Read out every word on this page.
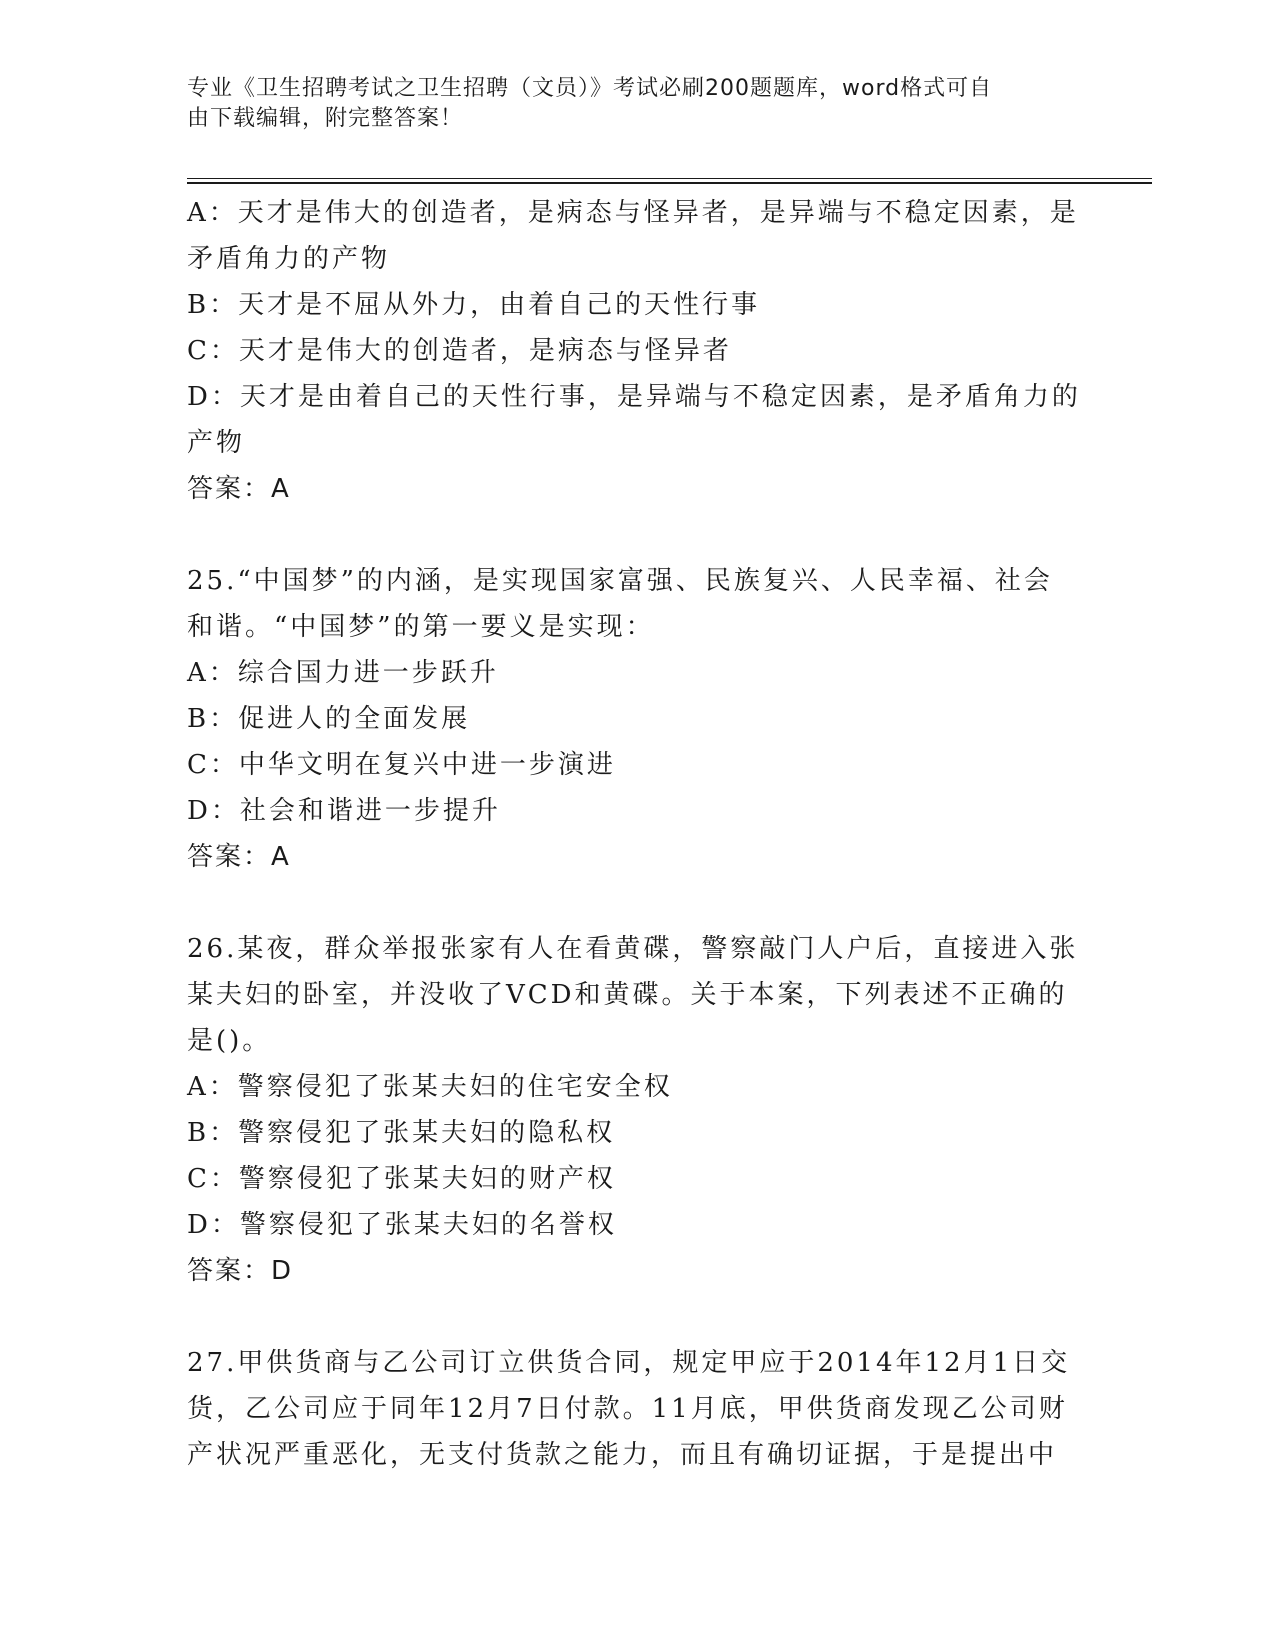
专业《卫生招聘考试之卫生招聘（文员）》考试必刷200题题库，word格式可自
由下载编辑，附完整答案！
A：天才是伟大的创造者，是病态与怪异者，是异端与不稳定因素，是
矛盾角力的产物
B：天才是不屈从外力，由着自己的天性行事
C：天才是伟大的创造者，是病态与怪异者
D：天才是由着自己的天性行事，是异端与不稳定因素，是矛盾角力的
产物
答案：A
25.“中国梦”的内涵，是实现国家富强、民族复兴、人民幸福、社会
和谐。“中国梦”的第一要义是实现：
A：综合国力进一步跃升
B：促进人的全面发展
C：中华文明在复兴中进一步演进
D：社会和谐进一步提升
答案：A
26.某夜，群众举报张家有人在看黄碟，警察敲门人户后，直接进入张
某夫妇的卧室，并没收了VCD和黄碟。关于本案，下列表述不正确的
是()。
A：警察侵犯了张某夫妇的住宅安全权
B：警察侵犯了张某夫妇的隐私权
C：警察侵犯了张某夫妇的财产权
D：警察侵犯了张某夫妇的名誉权
答案：D
27.甲供货商与乙公司订立供货合同，规定甲应于2014年12月1日交
货，乙公司应于同年12月7日付款。11月底，甲供货商发现乙公司财
产状况严重恶化，无支付货款之能力，而且有确切证据，于是提出中
